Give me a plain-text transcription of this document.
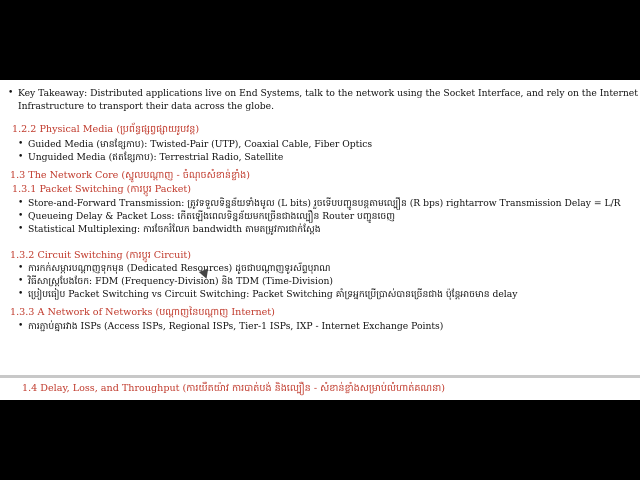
• Key Takeaway: Distributed applications live on End Systems, talk to the network using the Socket Interface, and rely on the Internet Infrastructure to transport their data across the globe.
1.2.2 Physical Media (ប្រព័ន្ធផ្សព្វផ្សាយរូបវន្ត)
• Guided Media (មានខ្សែកាប): Twisted-Pair (UTP), Coaxial Cable, Fiber Optics
• Unguided Media (ឥតខ្សែកាប): Terrestrial Radio, Satellite
1.3 The Network Core (ស្នូលបណ្តាញ - ចំណុចសំខាន់ខ្លាំង)
1.3.1 Packet Switching (ការប្តូរ Packet)
• Store-and-Forward Transmission: ត្រូវទទួលទិន្នន័យទាំងមូល (L bits) រួចទើបបញ្ជូនបន្តតាមល្បឿន (R bps) rightarrow Transmission Delay = L/R
• Queueing Delay & Packet Loss: កើតឡើងពេលទិន្នន័យមកច្រើនជាងល្បឿន Router បញ្ជូនចេញ
• Statistical Multiplexing: ការចែករំលែក bandwidth តាមតម្រូវការជាក់ស្តែង
1.3.2 Circuit Switching (ការប្តូរ Circuit)
• ការកក់សម្ភារបណ្តាញទុកមុន (Dedicated Resources) ដូចជាបណ្តាញទូរស័ព្ទបុរាណ
• វិធីសាស្ត្របែងចែក: FDM (Frequency-Division) និង TDM (Time-Division)
• ប្រៀបធៀប Packet Switching vs Circuit Switching: Packet Switching គាំទ្រអ្នកប្រើប្រាស់បានច្រើនជាង ប៉ុន្តែអាចមាន delay
1.3.3 A Network of Networks (បណ្តាញនៃបណ្តាញ Internet)
• ការភ្ជាប់គ្នារវាង ISPs (Access ISPs, Regional ISPs, Tier-1 ISPs, IXP - Internet Exchange Points)
1.4 Delay, Loss, and Throughput (ការយឺតយ៉ាវ ការបាត់បង់ និងល្បឿន - សំខាន់ខ្លាំងសម្រាប់លំហាត់គណនា)
